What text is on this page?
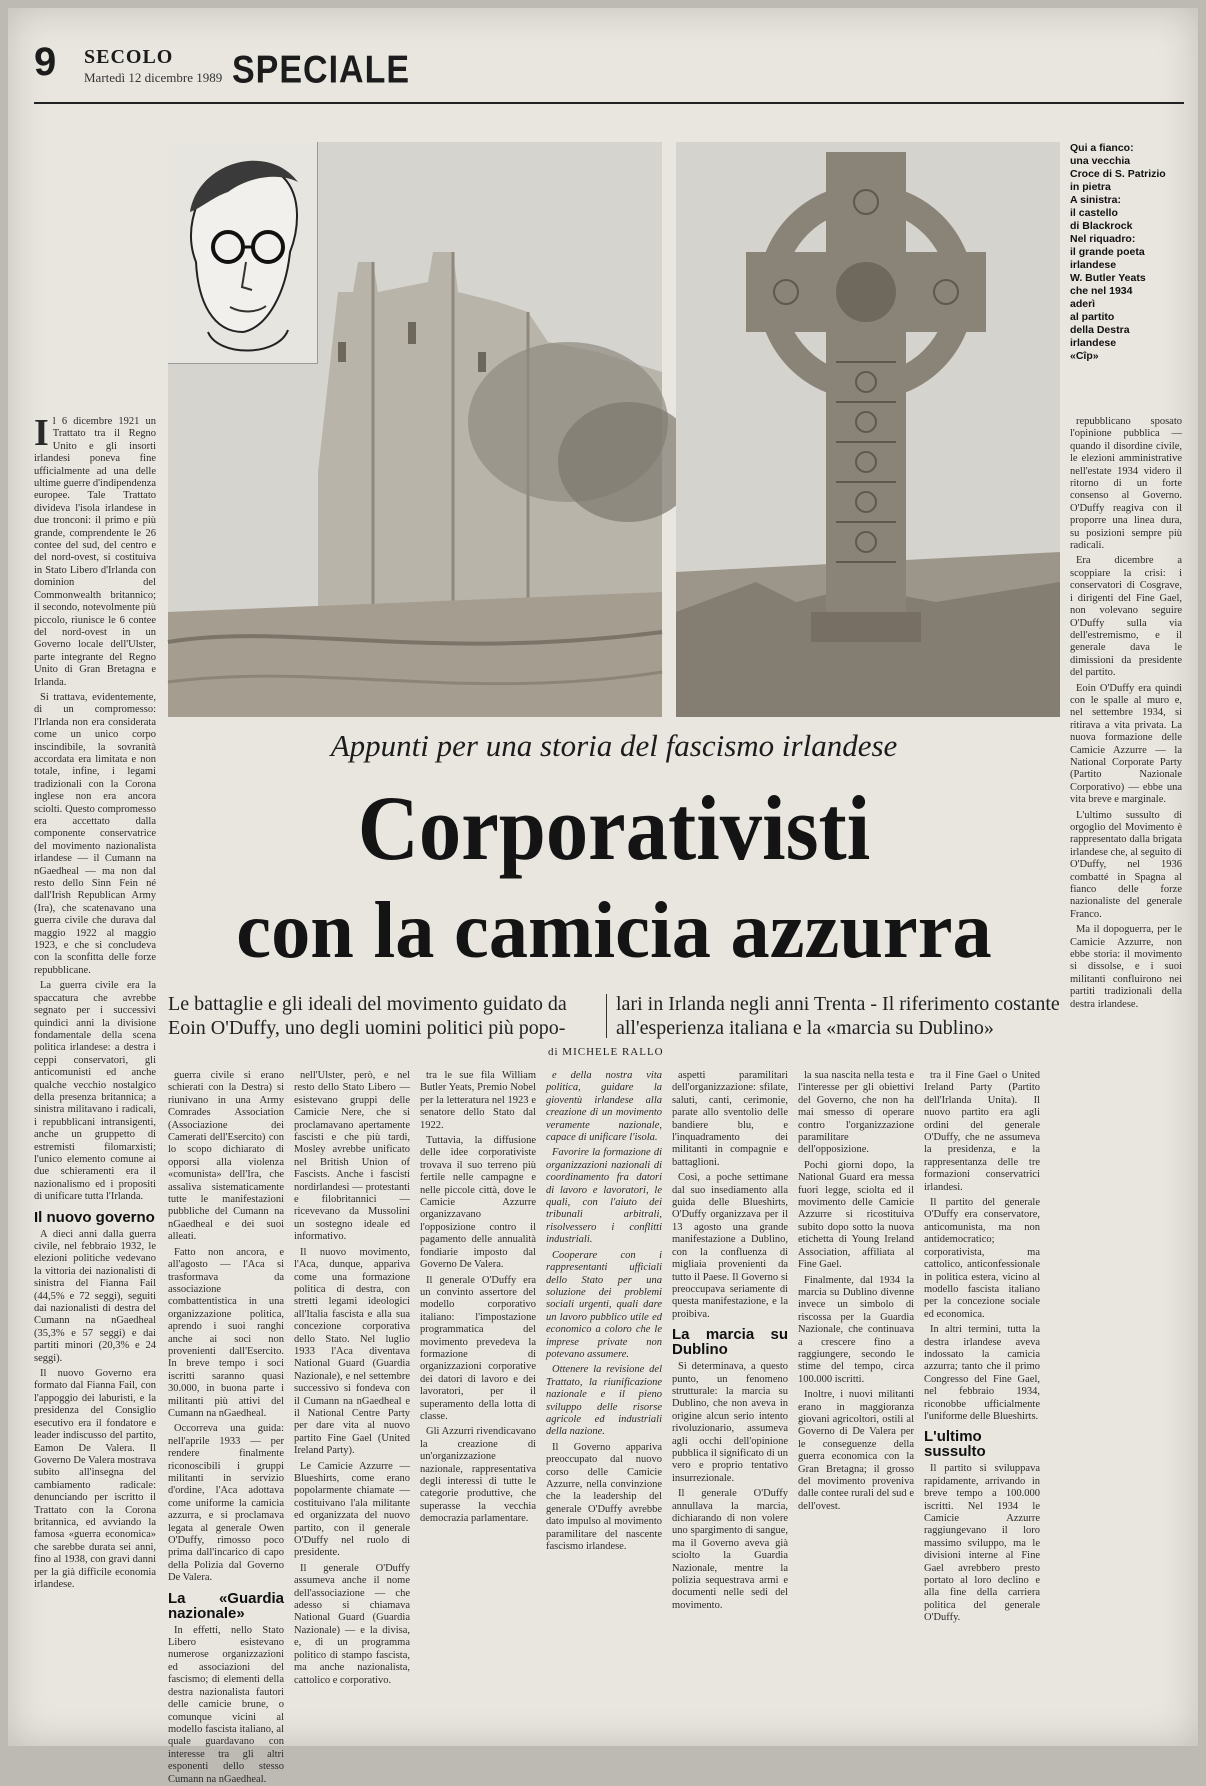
9 SECOLO
Martedì 12 dicembre 1989 SPECIALE
Qui a fianco:
una vecchia
Croce di S. Patrizio
in pietra
A sinistra:
il castello
di Blackrock
Nel riquadro:
il grande poeta
irlandese
W. Butler Yeats
che nel 1934
aderì
al partito
della Destra
irlandese
«Cîp»
Appunti per una storia del fascismo irlandese
Corporativisti
con la camicia azzurra
Le battaglie e gli ideali del movimento guidato da Eoin O'Duffy, uno degli uomini politici più popo-
lari in Irlanda negli anni Trenta - Il riferimento costante all'esperienza italiana e la «marcia su Dublino»
di MICHELE RALLO

Il 6 dicembre 1921 un Trattato tra il Regno Unito e gli insorti irlandesi poneva fine ufficialmente ad una delle ultime guerre d'indipendenza europee. Tale Trattato divideva l'isola irlandese in due tronconi: il primo e più grande, comprendente le 26 contee del sud, del centro e del nord-ovest, si costituiva in Stato Libero d'Irlanda con dominion del Commonwealth britannico; il secondo, notevolmente più piccolo, riunisce le 6 contee del nord-ovest in un Governo locale dell'Ulster, parte integrante del Regno Unito di Gran Bretagna e Irlanda.

Si trattava, evidentemente, di un compromesso: l'Irlanda non era considerata come un unico corpo inscindibile, la sovranità accordata era limitata e non totale, infine, i legami tradizionali con la Corona inglese non era ancora sciolti. Questo compromesso era accettato dalla componente conservatrice del movimento nazionalista irlandese — il Cumann na nGaedheal — ma non dal resto dello Sinn Fein né dall'Irish Republican Army (Ira), che scatenavano una guerra civile che durava dal maggio 1922 al maggio 1923, e che si concludeva con la sconfitta delle forze repubblicane.

La guerra civile era la spaccatura che avrebbe segnato per i successivi quindici anni la divisione fondamentale della scena politica irlandese: a destra i ceppi conservatori, gli anticomunisti ed anche qualche vecchio nostalgico della presenza britannica; a sinistra militavano i radicali, i repubblicani intransigenti, anche un gruppetto di estremisti filomarxisti; l'unico elemento comune ai due schieramenti era il nazionalismo ed i propositi di unificare tutta l'Irlanda.

Il nuovo governo

A dieci anni dalla guerra civile, nel febbraio 1932, le elezioni politiche vedevano la vittoria dei nazionalisti di sinistra del Fianna Fail (44,5% e 72 seggi), seguiti dai nazionalisti di destra del Cumann na nGaedheal (35,3% e 57 seggi) e dai partiti minori (20,3% e 24 seggi).

Il nuovo Governo era formato dal Fianna Fail, con l'appoggio dei laburisti, e la presidenza del Consiglio esecutivo era il fondatore e leader indiscusso del partito, Eamon De Valera. Il Governo De Valera mostrava subito all'insegna del cambiamento radicale: denunciando per iscritto il Trattato con la Corona britannica, ed avviando la famosa «guerra economica» che sarebbe durata sei anni, fino al 1938, con gravi danni per la già difficile economia irlandese.

guerra civile si erano schierati con la Destra) si riunivano in una Army Comrades Association (Associazione dei Camerati dell'Esercito) con lo scopo dichiarato di opporsi alla violenza «comunista» dell'Ira, che assaliva sistematicamente tutte le manifestazioni pubbliche del Cumann na nGaedheal e dei suoi alleati.

Fatto non ancora, e all'agosto — l'Aca si trasformava da associazione combattentistica in una organizzazione politica, aprendo i suoi ranghi anche ai soci non provenienti dall'Esercito. In breve tempo i soci iscritti saranno quasi 30.000, in buona parte i militanti più attivi del Cumann na nGaedheal.

Occorreva una guida: nell'aprile 1933 — per rendere finalmente riconoscibili i gruppi militanti in servizio d'ordine, l'Aca adottava come uniforme la camicia azzurra, e si proclamava legata al generale Owen O'Duffy, rimosso poco prima dall'incarico di capo della Polizia dal Governo De Valera.

La «Guardia nazionale»

In effetti, nello Stato Libero esistevano numerose organizzazioni ed associazioni del fascismo; di elementi della destra nazionalista fautori delle camicie brune, o comunque vicini al modello fascista italiano, al quale guardavano con interesse tra gli altri esponenti dello stesso Cumann na nGaedheal.

nell'Ulster, però, e nel resto dello Stato Libero — esistevano gruppi delle Camicie Nere, che si proclamavano apertamente fascisti e che più tardi, Mosley avrebbe unificato nel British Union of Fascists. Anche i fascisti nordirlandesi — protestanti e filobritannici — ricevevano da Mussolini un sostegno ideale ed informativo.

Il nuovo movimento, l'Aca, dunque, appariva come una formazione politica di destra, con stretti legami ideologici all'Italia fascista e alla sua concezione corporativa dello Stato. Nel luglio 1933 l'Aca diventava National Guard (Guardia Nazionale), e nel settembre successivo si fondeva con il Cumann na nGaedheal e il National Centre Party per dare vita al nuovo partito Fine Gael (United Ireland Party).

Le Camicie Azzurre — Blueshirts, come erano popolarmente chiamate — costituivano l'ala militante ed organizzata del nuovo partito, con il generale O'Duffy nel ruolo di presidente.

Il generale O'Duffy assumeva anche il nome dell'associazione — che adesso si chiamava National Guard (Guardia Nazionale) — e la divisa, e, di un programma politico di stampo fascista, ma anche nazionalista, cattolico e corporativo.

tra le sue fila William Butler Yeats, Premio Nobel per la letteratura nel 1923 e senatore dello Stato dal 1922.

Tuttavia, la diffusione delle idee corporativiste trovava il suo terreno più fertile nelle campagne e nelle piccole città, dove le Camicie Azzurre organizzavano l'opposizione contro il pagamento delle annualità fondiarie imposto dal Governo De Valera.

Il generale O'Duffy era un convinto assertore del modello corporativo italiano: l'impostazione programmatica del movimento prevedeva la formazione di organizzazioni corporative dei datori di lavoro e dei lavoratori, per il superamento della lotta di classe.

Gli Azzurri rivendicavano la creazione di un'organizzazione nazionale, rappresentativa degli interessi di tutte le categorie produttive, che superasse la vecchia democrazia parlamentare.

e della nostra vita politica, guidare la gioventù irlandese alla creazione di un movimento veramente nazionale, capace di unificare l'isola.

Favorire la formazione di organizzazioni nazionali di coordinamento fra datori di lavoro e lavoratori, le quali, con l'aiuto dei tribunali arbitrali, risolvessero i conflitti industriali.

Cooperare con i rappresentanti ufficiali dello Stato per una soluzione dei problemi sociali urgenti, quali dare un lavoro pubblico utile ed economico a coloro che le imprese private non potevano assumere.

Ottenere la revisione del Trattato, la riunificazione nazionale e il pieno sviluppo delle risorse agricole ed industriali della nazione.

Il Governo appariva preoccupato dal nuovo corso delle Camicie Azzurre, nella convinzione che la leadership del generale O'Duffy avrebbe dato impulso al movimento paramilitare del nascente fascismo irlandese.

aspetti paramilitari dell'organizzazione: sfilate, saluti, canti, cerimonie, parate allo sventolio delle bandiere blu, e l'inquadramento dei militanti in compagnie e battaglioni.

Così, a poche settimane dal suo insediamento alla guida delle Blueshirts, O'Duffy organizzava per il 13 agosto una grande manifestazione a Dublino, con la confluenza di migliaia provenienti da tutto il Paese. Il Governo si preoccupava seriamente di questa manifestazione, e la proibiva.

La marcia su Dublino

Si determinava, a questo punto, un fenomeno strutturale: la marcia su Dublino, che non aveva in origine alcun serio intento rivoluzionario, assumeva agli occhi dell'opinione pubblica il significato di un vero e proprio tentativo insurrezionale.

Il generale O'Duffy annullava la marcia, dichiarando di non volere uno spargimento di sangue, ma il Governo aveva già sciolto la Guardia Nazionale, mentre la polizia sequestrava armi e documenti nelle sedi del movimento.

la sua nascita nella testa e l'interesse per gli obiettivi del Governo, che non ha mai smesso di operare contro l'organizzazione paramilitare dell'opposizione.

Pochi giorni dopo, la National Guard era messa fuori legge, sciolta ed il movimento delle Camicie Azzurre si ricostituiva subito dopo sotto la nuova etichetta di Young Ireland Association, affiliata al Fine Gael.

Finalmente, dal 1934 la marcia su Dublino divenne invece un simbolo di riscossa per la Guardia Nazionale, che continuava a crescere fino a raggiungere, secondo le stime del tempo, circa 100.000 iscritti.

Inoltre, i nuovi militanti erano in maggioranza giovani agricoltori, ostili al Governo di De Valera per le conseguenze della guerra economica con la Gran Bretagna; il grosso del movimento proveniva dalle contee rurali del sud e dell'ovest.

tra il Fine Gael o United Ireland Party (Partito dell'Irlanda Unita). Il nuovo partito era agli ordini del generale O'Duffy, che ne assumeva la presidenza, e la rappresentanza delle tre formazioni conservatrici irlandesi.

Il partito del generale O'Duffy era conservatore, anticomunista, ma non antidemocratico; corporativista, ma cattolico, anticonfessionale in politica estera, vicino al modello fascista italiano per la concezione sociale ed economica.

In altri termini, tutta la destra irlandese aveva indossato la camicia azzurra; tanto che il primo Congresso del Fine Gael, nel febbraio 1934, riconobbe ufficialmente l'uniforme delle Blueshirts.

L'ultimo sussulto

Il partito si sviluppava rapidamente, arrivando in breve tempo a 100.000 iscritti. Nel 1934 le Camicie Azzurre raggiungevano il loro massimo sviluppo, ma le divisioni interne al Fine Gael avrebbero presto portato al loro declino e alla fine della carriera politica del generale O'Duffy.

repubblicano sposato l'opinione pubblica — quando il disordine civile, le elezioni amministrative nell'estate 1934 videro il ritorno di un forte consenso al Governo. O'Duffy reagiva con il proporre una linea dura, su posizioni sempre più radicali.

Era dicembre a scoppiare la crisi: i conservatori di Cosgrave, i dirigenti del Fine Gael, non volevano seguire O'Duffy sulla via dell'estremismo, e il generale dava le dimissioni da presidente del partito.

Eoin O'Duffy era quindi con le spalle al muro e, nel settembre 1934, si ritirava a vita privata. La nuova formazione delle Camicie Azzurre — la National Corporate Party (Partito Nazionale Corporativo) — ebbe una vita breve e marginale.

L'ultimo sussulto di orgoglio del Movimento è rappresentato dalla brigata irlandese che, al seguito di O'Duffy, nel 1936 combatté in Spagna al fianco delle forze nazionaliste del generale Franco.

Ma il dopoguerra, per le Camicie Azzurre, non ebbe storia: il movimento si dissolse, e i suoi militanti confluirono nei partiti tradizionali della destra irlandese.
